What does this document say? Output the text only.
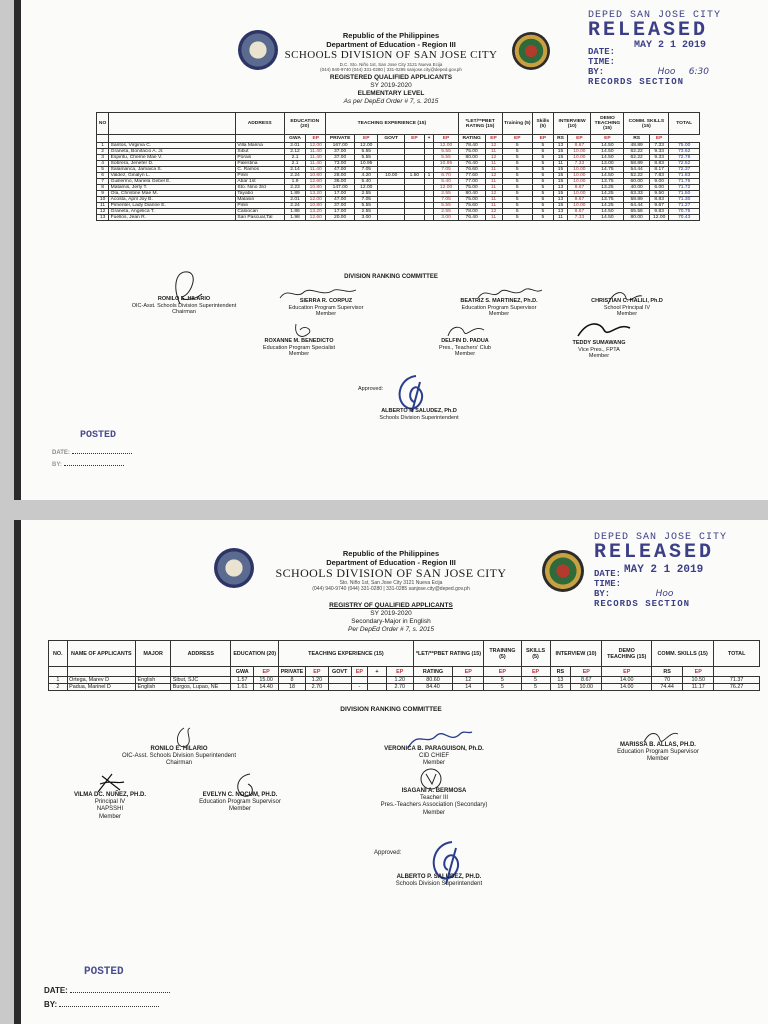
Republic of the Philippines
Department of Education - Region III
SCHOOLS DIVISION OF SAN JOSE CITY
D.C. Sto. Niño 1st, San Jose City 3121 Nueva Ecija
(044) 940-9740 (044) 331-0280 | 331-0285 sanjose.city@deped.gov.ph
DEPED SAN JOSE CITY
RELEASED
MAY 2 1 2019
DATE:
TIME:
BY:	Hoo 6:30
RECORDS SECTION
REGISTERED QUALIFIED APPLICANTS
SY 2019-2020
ELEMENTARY LEVEL
As per DepEd Order # 7, s. 2015
NO		ADDRESS	EDUCATION (20)		TEACHING EXPERIENCE (15)						*LET/**PBET RATING (15)		Training (5)	Skills (5)	INTERVIEW (10)		DEMO TEACHING (15)	COMM. SKILLS (15)		TOTAL
			GWA	EP	PRIVATE	EP	GOVT	EP	+	EP	RATING	EP	EP	EP	RS	EP	EP	RS	EP	
1	Santos, Virginia C.	Villa Marina	2.01	12.00	167.00	12.00				12.00	78.40	12	5	5	13	8.67	14.50	48.89	7.33	75.00
2	Graneta, Bonifacio A. Jr.	Sibut	2.12	11.40	37.00	5.55				5.55	75.00	11	5	5	15	10.00	14.50	62.22	9.33	73.62
3	Espiritu, Cherrie Mae V.	Porais	2.1	11.40	37.00	5.55				5.55	80.00	12	5	5	15	10.00	14.50	62.22	9.33	72.78
4	Sobrera, Jenefer D.	Palestina	2.1	11.40	73.00	10.95				10.95	76.40	11	5	5	11	7.33	13.00	58.89	8.83	72.52
5	Salamanca, Jamaica S.	C. Ramos	2.14	11.40	47.00	7.05				7.05	76.60	11	5	5	15	10.00	14.75	54.44	8.17	72.37
6	Valdez, Ginalyn L.	Pinili	2.24	10.80	28.00	4.20	10.00	1.50	1	6.70	77.60	12	5	5	15	10.00	14.50	52.22	7.83	71.83
7	Guillermo, Mariela Gebel E.	Abar 1st	1.9	12.60	36.00	5.40				5.40	77.00	11	5	5	15	10.00	13.75	60.00	9.00	71.75
8	Matamis, Jerly T.	Sto. Nino 3rd	2.23	10.80	147.00	12.00				12.00	75.00	11	5	5	13	8.67	13.25	40.00	6.00	71.72
9	Ola, Christine Mae M.	Tayabo	1.89	13.20	17.00	2.55				2.55	80.40	12	5	5	15	10.00	14.25	63.33	9.50	71.50
10	Acosta, April Joy B.	Malasin	2.01	12.00	47.00	7.05				7.05	75.00	11	5	5	13	8.67	13.75	58.89	8.83	71.30
11	Pimentel, Lady Dianne E.	Pinili	2.24	10.80	37.00	5.55				5.55	75.60	11	5	5	15	10.00	14.25	64.44	9.67	71.27
12	Graneta, Angelica T.	Caloocan	1.86	13.20	17.00	2.55				2.55	78.00	12	5	5	13	8.67	14.50	65.56	9.83	70.75
13	Fuellos, Jean R.	San Pascual,Tal	1.98	12.60	20.00	3.00				3.00	76.40	11	5	5	11	7.33	14.50	80.00	12.00	70.43
DIVISION RANKING COMMITTEE
RONILO E. HILARIO
OIC-Asst. Schools Division Superintendent
Chairman
SIERRA R. CORPUZ
Education Program Supervisor
Member
BEATRIZ S. MARTINEZ, Ph.D.
Education Program Supervisor
Member
CHRISTIAN C. HALILI, Ph.D
School Principal IV
Member
ROXANNE M. BENEDICTO
Education Program Specialist
Member
DELFIN D. PADUA
Pres., Teachers' Club
Member
TEDDY SUMAWANG
Vice Pres., FPTA
Member
Approved:
ALBERTO P. SALUDEZ, Ph.D
Schools Division Superintendent
POSTED
DATE:
BY:
Republic of the Philippines
Department of Education - Region III
SCHOOLS DIVISION OF SAN JOSE CITY
Sto. Niño 1st, San Jose City 3121 Nueva Ecija
(044) 940-9740 (044) 331-0280 | 331-0285 sanjose.city@deped.gov.ph
DEPED SAN JOSE CITY
RELEASED
MAY 2 1 2019
DATE:
TIME:
BY:	Hoo
RECORDS SECTION
REGISTRY OF QUALIFIED APPLICANTS
SY 2019-2020
Secondary-Major in English
Per DepEd Order # 7, s. 2015
NO.	NAME OF APPLICANTS	MAJOR	ADDRESS	EDUCATION (20)		TEACHING EXPERIENCE (15)						*LET/**PBET RATING (15)		TRAINING (5)	SKILLS (5)	INTERVIEW (10)		DEMO TEACHING (15)	COMM. SKILLS (15)		TOTAL
				GWA	EP	PRIVATE	EP	GOVT	EP	+	EP	RATING	EP	EP	EP	RS	EP	EP	RS	EP	
1	Ortega, Marev D	English	Sibut, SJC	1.57	15.00	8	1.20				1.20	80.60	12	5	5	13	8.67	14.00	70	10.50	71.37
2	Padua, Marinel D	English	Burgos, Lupao, NE	1.61	14.40	18	2.70		-		2.70	84.40	14	5	5	15	10.00	14.00	74.44	11.17	76.27
DIVISION RANKING COMMITTEE
RONILO E. HILARIO
OIC-Asst. Schools Division Superintendent
Chairman
VERONICA B. PARAGUISON, Ph.D.
CID CHIEF
Member
MARISSA B. ALLAS, PH.D.
Education Program Supervisor
Member
VILMA DC. NUÑEZ, PH.D.
Principal IV
NAPSSHI
Member
EVELYN C. NOCUM, PH.D.
Education Program Supervisor
Member
ISAGANI A. BERMOSA
Teacher III
Pres.-Teachers Association (Secondary)
Member
Approved:
ALBERTO P. SALUDEZ, PH.D.
Schools Division Superintendent
POSTED
DATE:
BY:
